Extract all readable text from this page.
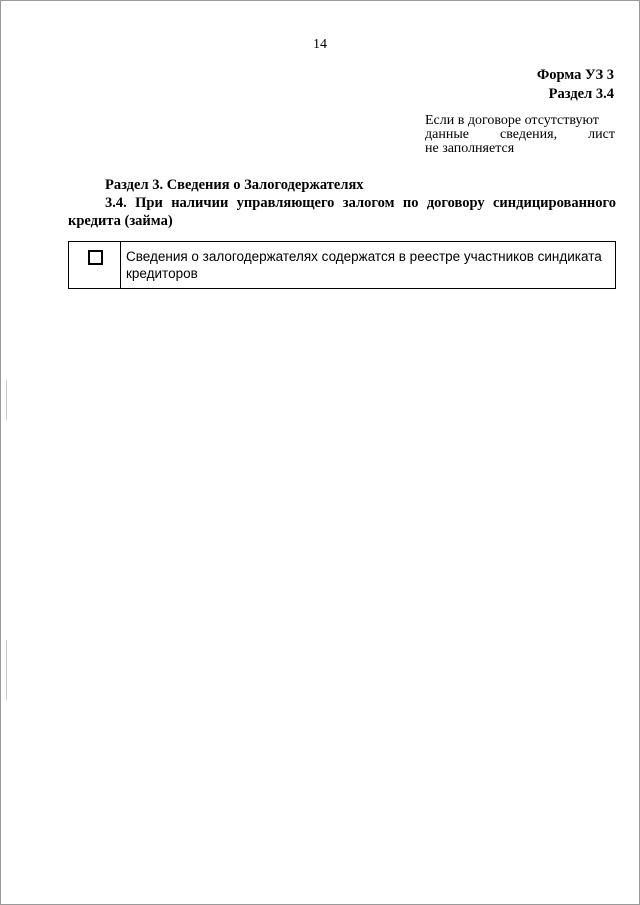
14
Форма УЗ 3
Раздел 3.4
Если в договоре отсутствуют
данные сведения, лист
не заполняется
Раздел 3. Сведения о Залогодержателях
3.4. При наличии управляющего залогом по договору синдицированного
кредита (займа)
Сведения о залогодержателях содержатся в реестре участников синдиката кредиторов
